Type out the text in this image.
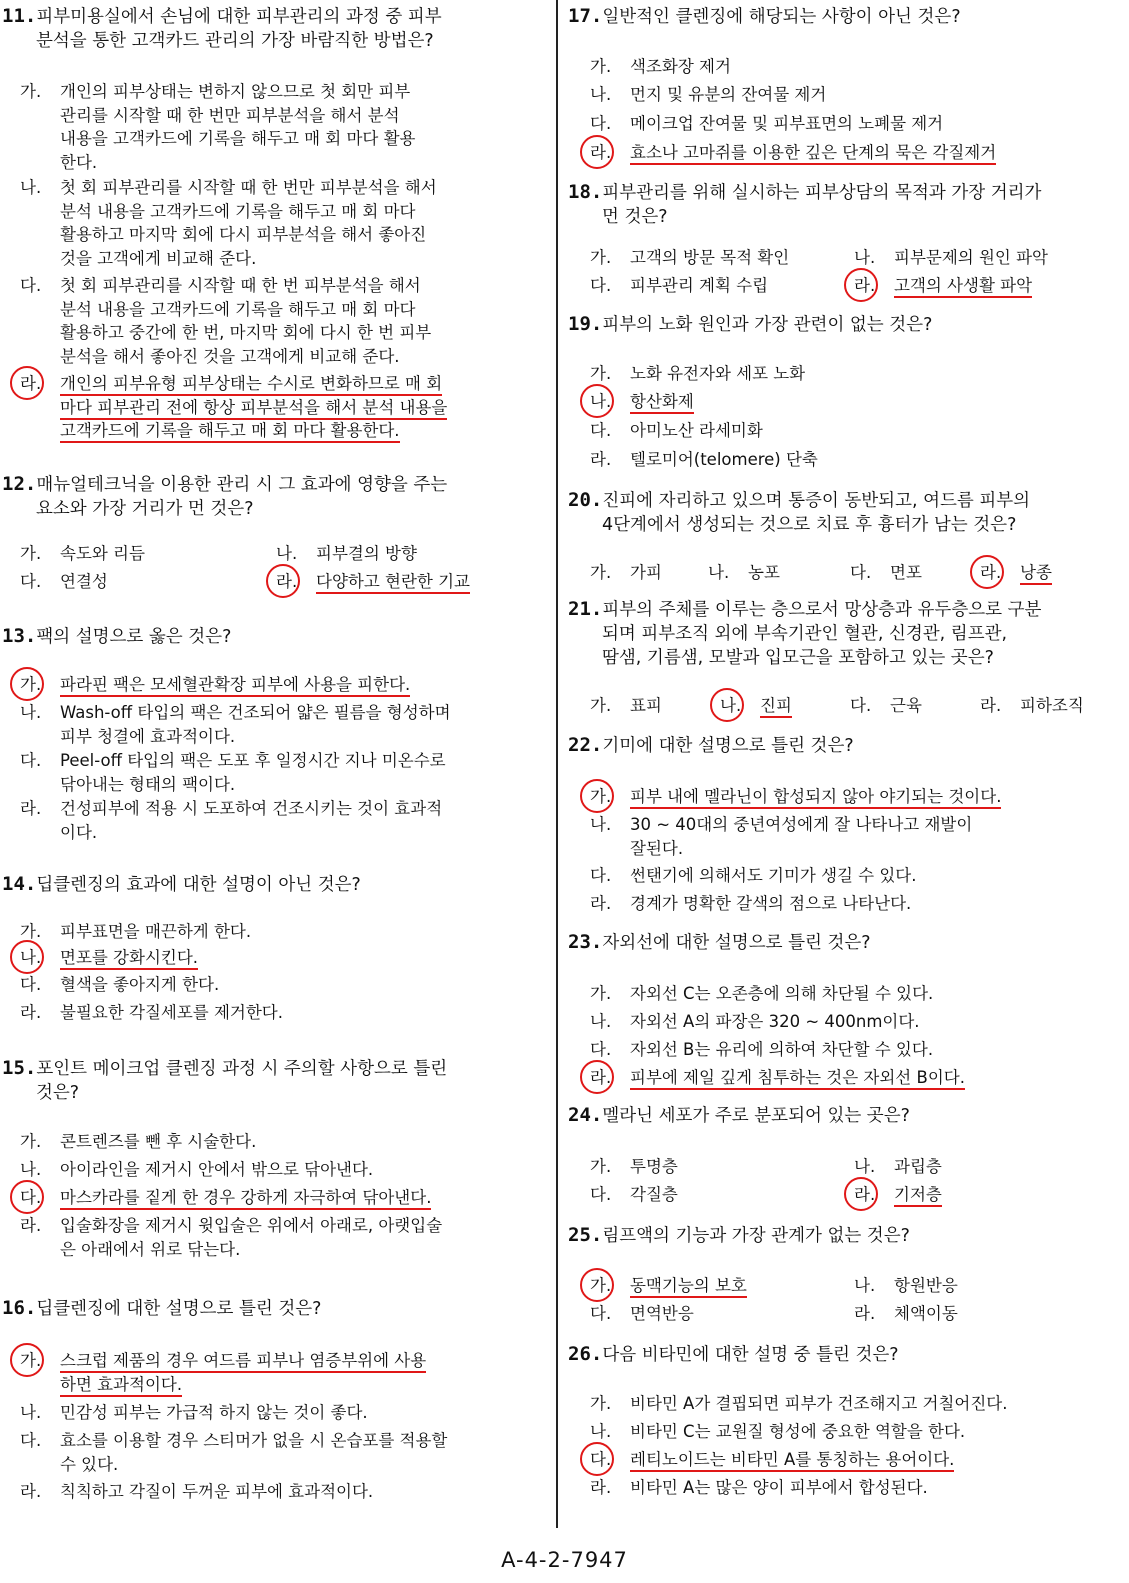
11.피부미용실에서 손님에 대한 피부관리의 과정 중 피부
분석을 통한 고객카드 관리의 가장 바람직한 방법은?
가.	개인의 피부상태는 변하지 않으므로 첫 회만 피부
관리를 시작할 때 한 번만 피부분석을 해서 분석
내용을 고객카드에 기록을 해두고 매 회 마다 활용
한다.
나.	첫 회 피부관리를 시작할 때 한 번만 피부분석을 해서
분석 내용을 고객카드에 기록을 해두고 매 회 마다
활용하고 마지막 회에 다시 피부분석을 해서 좋아진
것을 고객에게 비교해 준다.
다.	첫 회 피부관리를 시작할 때 한 번 피부분석을 해서
분석 내용을 고객카드에 기록을 해두고 매 회 마다
활용하고 중간에 한 번, 마지막 회에 다시 한 번 피부
분석을 해서 좋아진 것을 고객에게 비교해 준다.
라.	개인의 피부유형 피부상태는 수시로 변화하므로 매 회
마다 피부관리 전에 항상 피부분석을 해서 분석 내용을
고객카드에 기록을 해두고 매 회 마다 활용한다.
12.매뉴얼테크닉을 이용한 관리 시 그 효과에 영향을 주는
요소와 가장 거리가 먼 것은?
가.	속도와 리듬	나.	피부결의 방향
다.	연결성	라.	다양하고 현란한 기교
13.팩의 설명으로 옳은 것은?
가.	파라핀 팩은 모세혈관확장 피부에 사용을 피한다.
나.	Wash-off 타입의 팩은 건조되어 얇은 필름을 형성하며
피부 청결에 효과적이다.
다.	Peel-off 타입의 팩은 도포 후 일정시간 지나 미온수로
닦아내는 형태의 팩이다.
라.	건성피부에 적용 시 도포하여 건조시키는 것이 효과적
이다.
14.딥클렌징의 효과에 대한 설명이 아닌 것은?
가.	피부표면을 매끈하게 한다.
나.	면포를 강화시킨다.
다.	혈색을 좋아지게 한다.
라.	불필요한 각질세포를 제거한다.
15.포인트 메이크업 클렌징 과정 시 주의할 사항으로 틀린
것은?
가.	콘트렌즈를 뺀 후 시술한다.
나.	아이라인을 제거시 안에서 밖으로 닦아낸다.
다.	마스카라를 짙게 한 경우 강하게 자극하여 닦아낸다.
라.	입술화장을 제거시 윗입술은 위에서 아래로, 아랫입술
은 아래에서 위로 닦는다.
16.딥클렌징에 대한 설명으로 틀린 것은?
가.	스크럽 제품의 경우 여드름 피부나 염증부위에 사용
하면 효과적이다.
나.	민감성 피부는 가급적 하지 않는 것이 좋다.
다.	효소를 이용할 경우 스티머가 없을 시 온습포를 적용할
수 있다.
라.	칙칙하고 각질이 두꺼운 피부에 효과적이다.
17.일반적인 클렌징에 해당되는 사항이 아닌 것은?
가.	색조화장 제거
나.	먼지 및 유분의 잔여물 제거
다.	메이크업 잔여물 및 피부표면의 노폐물 제거
라.	효소나 고마쥐를 이용한 깊은 단계의 묵은 각질제거
18.피부관리를 위해 실시하는 피부상담의 목적과 가장 거리가
먼 것은?
가.	고객의 방문 목적 확인	나.	피부문제의 원인 파악
다.	피부관리 계획 수립	라.	고객의 사생활 파악
19.피부의 노화 원인과 가장 관련이 없는 것은?
가.	노화 유전자와 세포 노화
나.	항산화제
다.	아미노산 라세미화
라.	텔로미어(telomere) 단축
20.진피에 자리하고 있으며 통증이 동반되고, 여드름 피부의
4단계에서 생성되는 것으로 치료 후 흉터가 남는 것은?
가.	가피	나.	농포	다.	면포	라.	낭종
21.피부의 주체를 이루는 층으로서 망상층과 유두층으로 구분
되며 피부조직 외에 부속기관인 혈관, 신경관, 림프관,
땀샘, 기름샘, 모발과 입모근을 포함하고 있는 곳은?
가.	표피	나.	진피	다.	근육	라.	피하조직
22.기미에 대한 설명으로 틀린 것은?
가.	피부 내에 멜라닌이 합성되지 않아 야기되는 것이다.
나.	30 ~ 40대의 중년여성에게 잘 나타나고 재발이
잘된다.
다.	썬탠기에 의해서도 기미가 생길 수 있다.
라.	경계가 명확한 갈색의 점으로 나타난다.
23.자외선에 대한 설명으로 틀린 것은?
가.	자외선 C는 오존층에 의해 차단될 수 있다.
나.	자외선 A의 파장은 320 ~ 400nm이다.
다.	자외선 B는 유리에 의하여 차단할 수 있다.
라.	피부에 제일 깊게 침투하는 것은 자외선 B이다.
24.멜라닌 세포가 주로 분포되어 있는 곳은?
가.	투명층	나.	과립층
다.	각질층	라.	기저층
25.림프액의 기능과 가장 관계가 없는 것은?
가.	동맥기능의 보호	나.	항원반응
다.	면역반응	라.	체액이동
26.다음 비타민에 대한 설명 중 틀린 것은?
가.	비타민 A가 결핍되면 피부가 건조해지고 거칠어진다.
나.	비타민 C는 교원질 형성에 중요한 역할을 한다.
다.	레티노이드는 비타민 A를 통칭하는 용어이다.
라.	비타민 A는 많은 양이 피부에서 합성된다.
A-4-2-7947
